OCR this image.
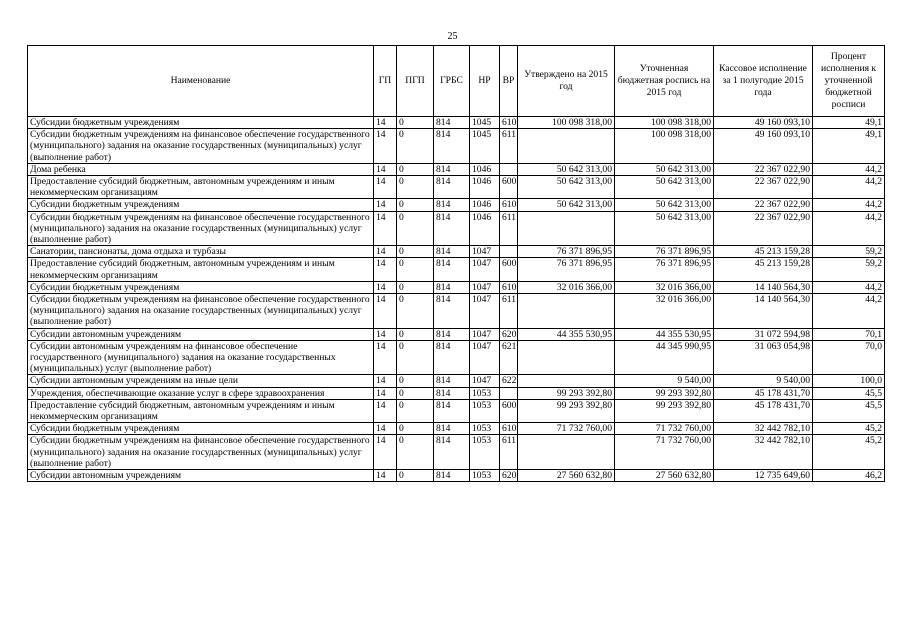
25
Наименование	ГП	ПГП	ГРБС	НР	ВР	Утверждено на 2015 год	Уточненная бюджетная роспись на 2015 год	Кассовое исполнение за 1 полугодие 2015 года	Процент исполнения к уточненной бюджетной росписи
Субсидии бюджетным учреждениям	14	0	814	1045	610	100 098 318,00	100 098 318,00	49 160 093,10	49,1
Субсидии бюджетным учреждениям на финансовое обеспечение государственного (муниципального) задания на оказание государственных (муниципальных) услуг (выполнение работ)	14	0	814	1045	611		100 098 318,00	49 160 093,10	49,1
Дома ребенка	14	0	814	1046		50 642 313,00	50 642 313,00	22 367 022,90	44,2
Предоставление субсидий бюджетным, автономным учреждениям и иным некоммерческим организациям	14	0	814	1046	600	50 642 313,00	50 642 313,00	22 367 022,90	44,2
Субсидии бюджетным учреждениям	14	0	814	1046	610	50 642 313,00	50 642 313,00	22 367 022,90	44,2
Субсидии бюджетным учреждениям на финансовое обеспечение государственного (муниципального) задания на оказание государственных (муниципальных) услуг (выполнение работ)	14	0	814	1046	611		50 642 313,00	22 367 022,90	44,2
Санатории, пансионаты, дома отдыха и турбазы	14	0	814	1047		76 371 896,95	76 371 896,95	45 213 159,28	59,2
Предоставление субсидий бюджетным, автономным учреждениям и иным некоммерческим организациям	14	0	814	1047	600	76 371 896,95	76 371 896,95	45 213 159,28	59,2
Субсидии бюджетным учреждениям	14	0	814	1047	610	32 016 366,00	32 016 366,00	14 140 564,30	44,2
Субсидии бюджетным учреждениям на финансовое обеспечение государственного (муниципального) задания на оказание государственных (муниципальных) услуг (выполнение работ)	14	0	814	1047	611		32 016 366,00	14 140 564,30	44,2
Субсидии автономным учреждениям	14	0	814	1047	620	44 355 530,95	44 355 530,95	31 072 594,98	70,1
Субсидии автономным учреждениям на финансовое обеспечение государственного (муниципального) задания на оказание государственных (муниципальных) услуг (выполнение работ)	14	0	814	1047	621		44 345 990,95	31 063 054,98	70,0
Субсидии автономным учреждениям на иные цели	14	0	814	1047	622		9 540,00	9 540,00	100,0
Учреждения, обеспечивающие оказание услуг в сфере здравоохранения	14	0	814	1053		99 293 392,80	99 293 392,80	45 178 431,70	45,5
Предоставление субсидий бюджетным, автономным учреждениям и иным некоммерческим организациям	14	0	814	1053	600	99 293 392,80	99 293 392,80	45 178 431,70	45,5
Субсидии бюджетным учреждениям	14	0	814	1053	610	71 732 760,00	71 732 760,00	32 442 782,10	45,2
Субсидии бюджетным учреждениям на финансовое обеспечение государственного (муниципального) задания на оказание государственных (муниципальных) услуг (выполнение работ)	14	0	814	1053	611		71 732 760,00	32 442 782,10	45,2
Субсидии автономным учреждениям	14	0	814	1053	620	27 560 632,80	27 560 632,80	12 735 649,60	46,2
